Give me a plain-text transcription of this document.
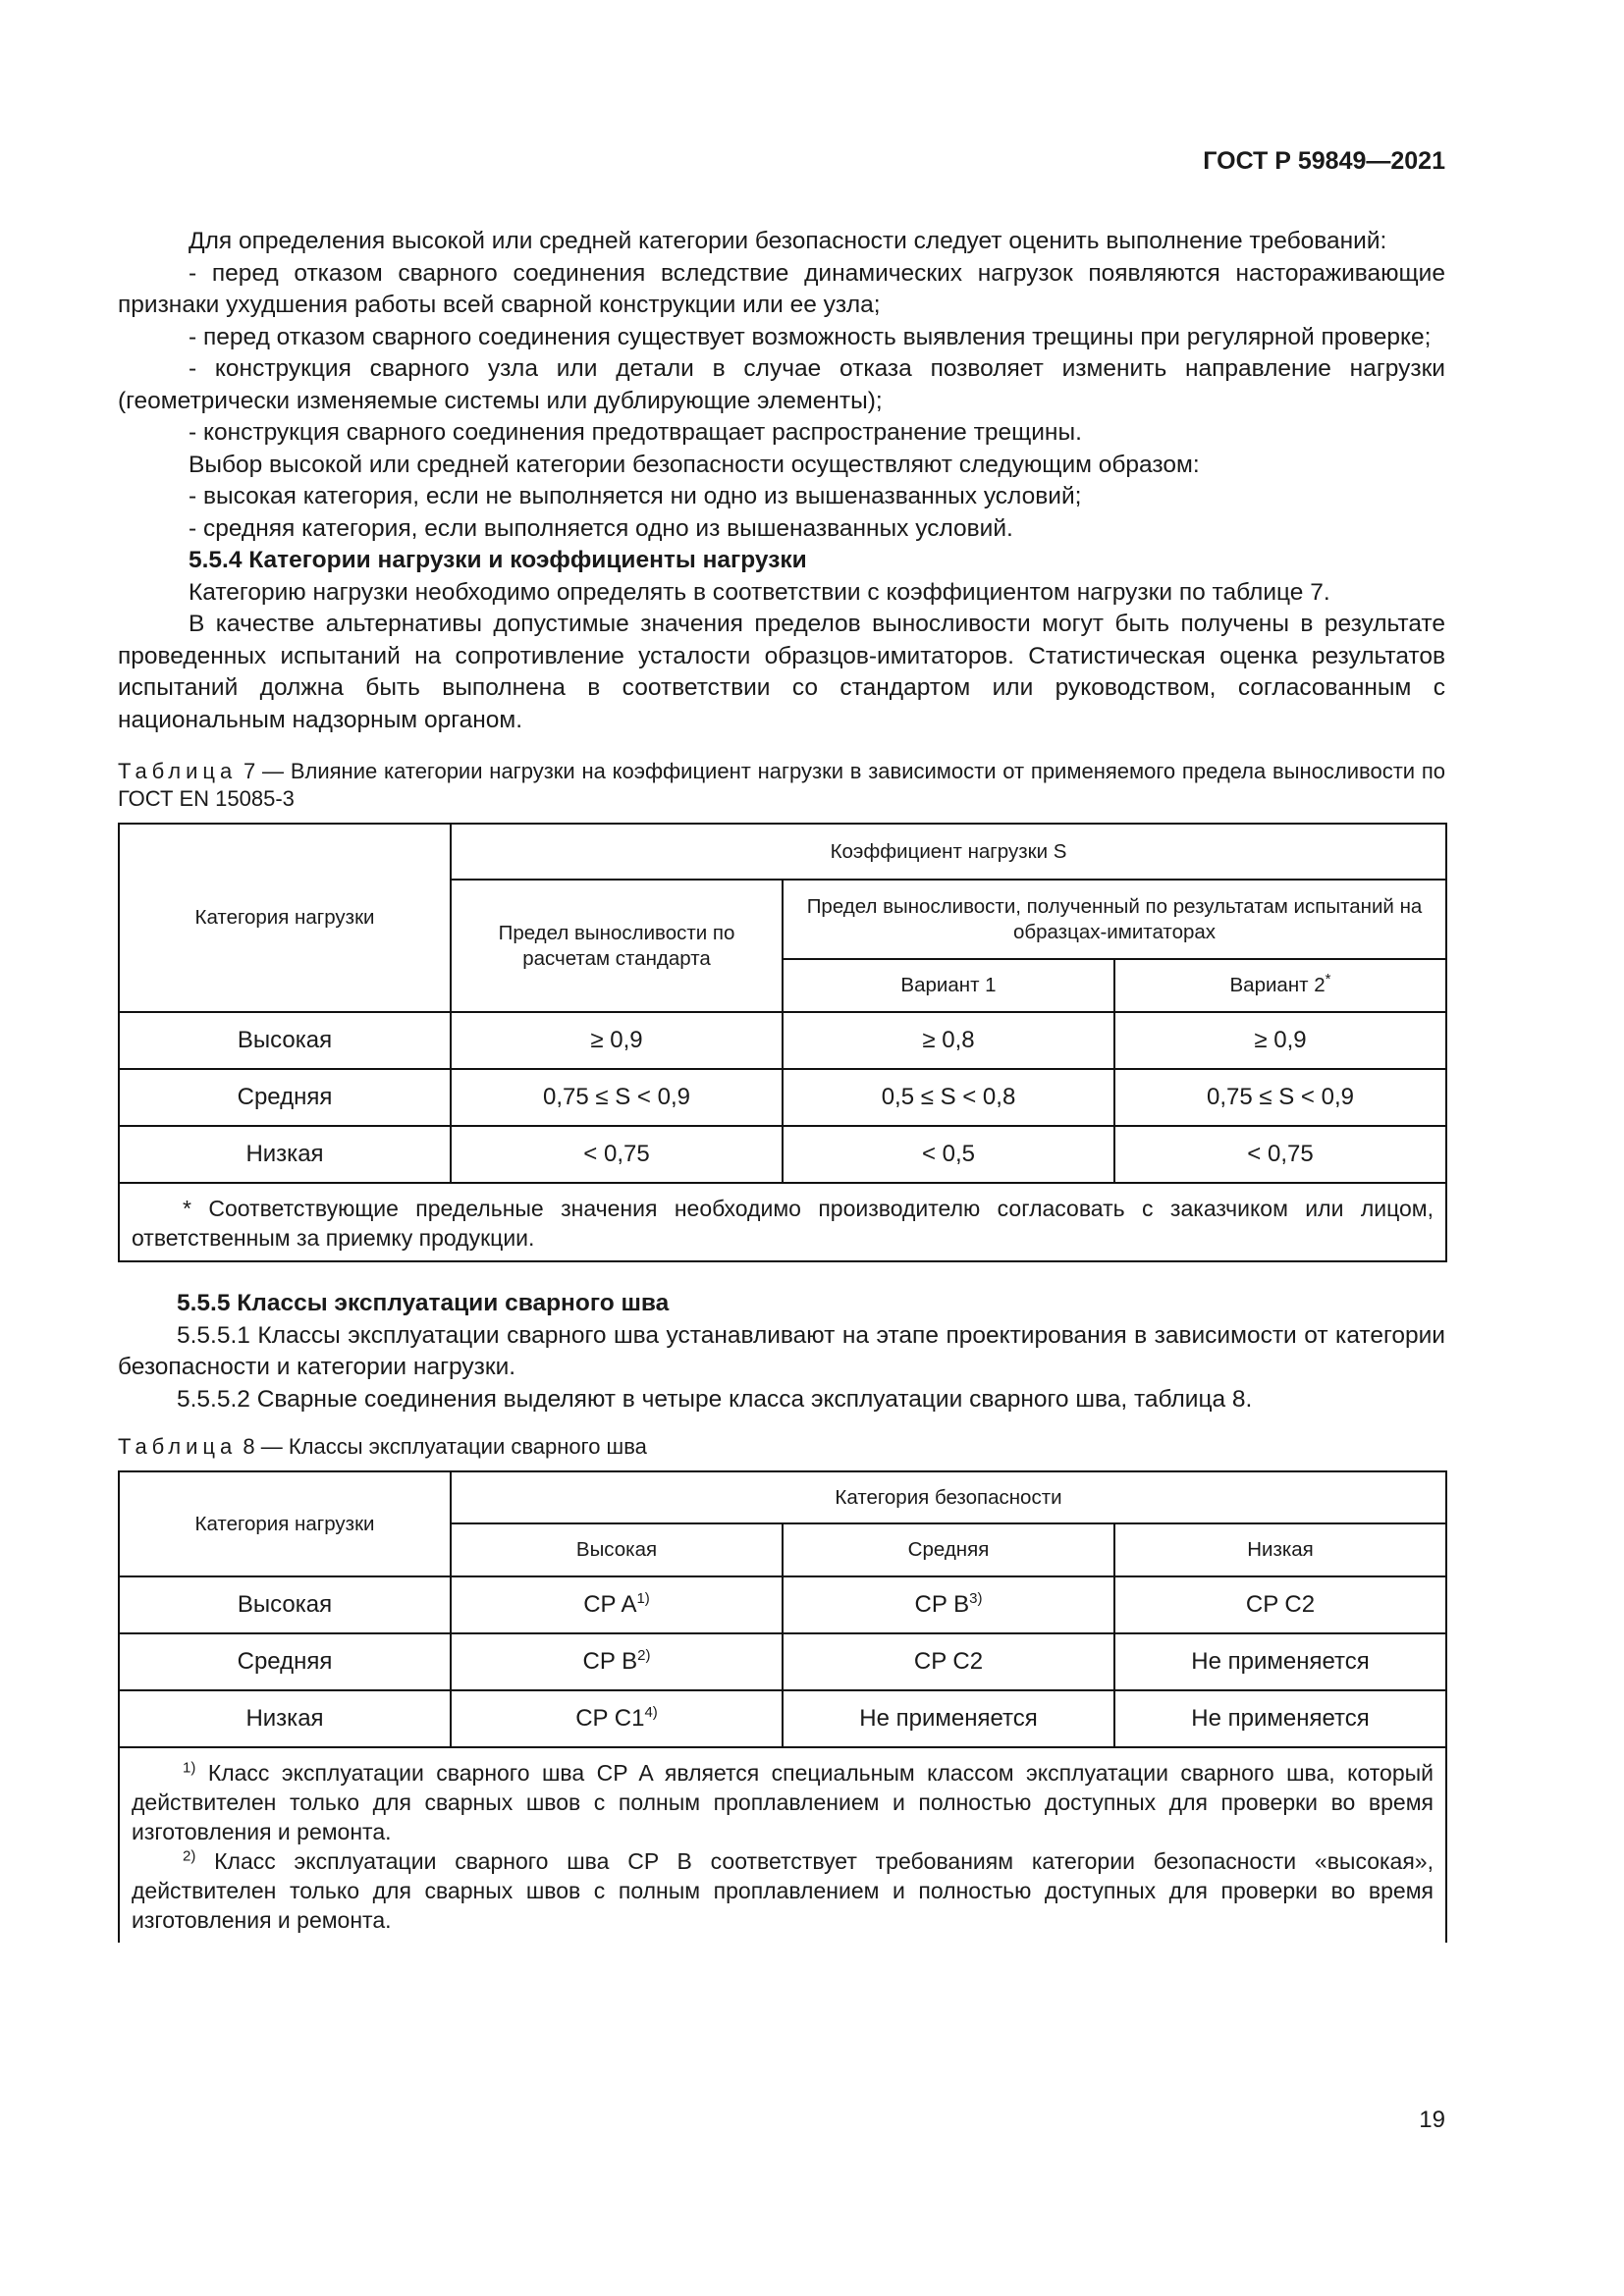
ГОСТ Р 59849—2021

Для определения высокой или средней категории безопасности следует оценить выполнение требований:

- перед отказом сварного соединения вследствие динамических нагрузок появляются настораживающие признаки ухудшения работы всей сварной конструкции или ее узла;

- перед отказом сварного соединения существует возможность выявления трещины при регулярной проверке;

- конструкция сварного узла или детали в случае отказа позволяет изменить направление нагрузки (геометрически изменяемые системы или дублирующие элементы);

- конструкция сварного соединения предотвращает распространение трещины.

Выбор высокой или средней категории безопасности осуществляют следующим образом:

- высокая категория, если не выполняется ни одно из вышеназванных условий;

- средняя категория, если выполняется одно из вышеназванных условий.

5.5.4 Категории нагрузки и коэффициенты нагрузки

Категорию нагрузки необходимо определять в соответствии с коэффициентом нагрузки по таблице 7.

В качестве альтернативы допустимые значения пределов выносливости могут быть получены в результате проведенных испытаний на сопротивление усталости образцов-имитаторов. Статистическая оценка результатов испытаний должна быть выполнена в соответствии со стандартом или руководством, согласованным с национальным надзорным органом.

Таблица 7 — Влияние категории нагрузки на коэффициент нагрузки в зависимости от применяемого предела выносливости по ГОСТ EN 15085-3

Категория нагрузки	Коэффициент нагрузки S		
	Предел выносливости по расчетам стандарта	Предел выносливости, полученный по результатам испытаний на образцах-имитаторах	
		Вариант 1	Вариант 2*
Высокая	≥ 0,9	≥ 0,8	≥ 0,9
Средняя	0,75 ≤ S < 0,9	0,5 ≤ S < 0,8	0,75 ≤ S < 0,9
Низкая	< 0,75	< 0,5	< 0,75

* Соответствующие предельные значения необходимо производителю согласовать с заказчиком или лицом, ответственным за приемку продукции.			

5.5.5 Классы эксплуатации сварного шва

5.5.5.1 Классы эксплуатации сварного шва устанавливают на этапе проектирования в зависимости от категории безопасности и категории нагрузки.

5.5.5.2 Сварные соединения выделяют в четыре класса эксплуатации сварного шва, таблица 8.

Таблица 8 — Классы эксплуатации сварного шва

Категория нагрузки	Категория безопасности		
	Высокая	Средняя	Низкая
Высокая	CP $A^{1)}$	CP $B^{3)}$	CP C2
Средняя	CP $B^{2)}$	CP C2	Не применяется
Низкая	CP C1$^{4)}$	Не применяется	Не применяется

$^{1)}$ Класс эксплуатации сварного шва CP A является специальным классом эксплуатации сварного шва, который действителен только для сварных швов с полным проплавлением и полностью доступных для проверки во время изготовления и ремонта.

$^{2)}$ Класс эксплуатации сварного шва CP B соответствует требованиям категории безопасности «высокая», действителен только для сварных швов с полным проплавлением и полностью доступных для проверки во время изготовления и ремонта.			

19
